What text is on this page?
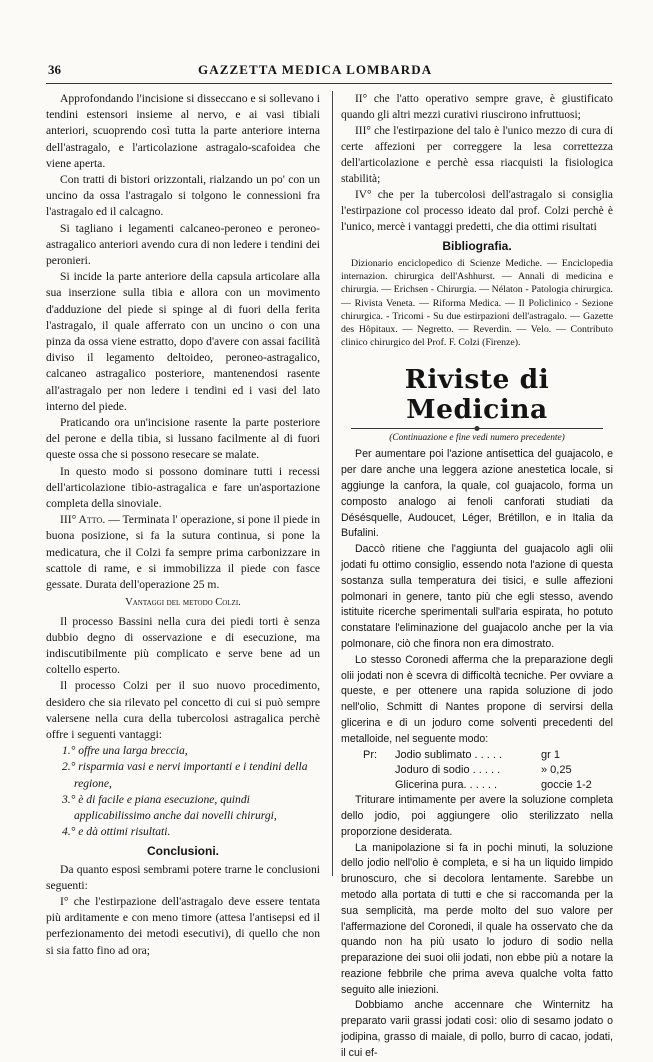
36	GAZZETTA MEDICA LOMBARDA

Approfondando l'incisione si disseccano e si sollevano i tendini estensori insieme al nervo, e ai vasi tibiali anteriori, scuoprendo così tutta la parte anteriore interna dell'astragalo, e l'articolazione astragalo-scafoidea che viene aperta.

Con tratti di bistori orizzontali, rialzando un po' con un uncino da ossa l'astragalo si tolgono le connessioni fra l'astragalo ed il calcagno.

Si tagliano i legamenti calcaneo-peroneo e peroneo-astragalico anteriori avendo cura di non ledere i tendini dei peronieri.

Si incide la parte anteriore della capsula articolare alla sua inserzione sulla tibia e allora con un movimento d'adduzione del piede si spinge al di fuori della ferita l'astragalo, il quale afferrato con un uncino o con una pinza da ossa viene estratto, dopo d'avere con assai facilità diviso il legamento deltoideo, peroneo-astragalico, calcaneo astragalico posteriore, mantenendosi rasente all'astragalo per non ledere i tendini ed i vasi del lato interno del piede.

Praticando ora un'incisione rasente la parte posteriore del perone e della tibia, si lussano facilmente al di fuori queste ossa che si possono resecare se malate.

In questo modo si possono dominare tutti i recessi dell'articolazione tibio-astragalica e fare un'asportazione completa della sinoviale.

III° Atto. — Terminata l' operazione, si pone il piede in buona posizione, si fa la sutura continua, si pone la medicatura, che il Colzi fa sempre prima carbonizzare in scattole di rame, e si immobilizza il piede con fasce gessate. Durata dell'operazione 25 m.

Vantaggi del metodo Colzi.

Il processo Bassini nella cura dei piedi torti è senza dubbio degno di osservazione e di esecuzione, ma indiscutibilmente più complicato e serve bene ad un coltello esperto.

Il processo Colzi per il suo nuovo procedimento, desidero che sia rilevato pel concetto di cui si può sempre valersene nella cura della tubercolosi astragalica perchè offre i seguenti vantaggi:

1.° offre una larga breccia,
2.° risparmia vasi e nervi importanti e i tendini della regione,
3.° è di facile e piana esecuzione, quindi applicabilissimo anche dai novelli chirurgi,
4.° e dà ottimi risultati.

Conclusioni.

Da quanto esposi sembrami potere trarne le conclusioni seguenti:

I° che l'estirpazione dell'astragalo deve essere tentata più arditamente e con meno timore (attesa l'antisepsi ed il perfezionamento dei metodi esecutivi), di quello che non si sia fatto fino ad ora;

II° che l'atto operativo sempre grave, è giustificato quando gli altri mezzi curativi riuscirono infruttuosi;

III° che l'estirpazione del talo è l'unico mezzo di cura di certe affezioni per correggere la lesa correttezza dell'articolazione e perchè essa riacquisti la fisiologica stabilità;

IV° che per la tubercolosi dell'astragalo si consiglia l'estirpazione col processo ideato dal prof. Colzi perchè è l'unico, mercè i vantaggi predetti, che dia ottimi risultati

Bibliografia.

Dizionario enciclopedico di Scienze Mediche. — Enciclopedia internazion. chirurgica dell'Ashhurst. — Annali di medicina e chirurgia. — Erichsen - Chirurgia. — Nélaton - Patologia chirurgica. — Rivista Veneta. — Riforma Medica. — Il Policlinico - Sezione chirurgica. - Tricomi - Su due estirpazioni dell'astragalo. — Gazette des Hôpitaux. — Negretto. — Reverdin. — Velo. — Contributo clinico chirurgico del Prof. F. Colzi (Firenze).

Riviste di Medicina
(Continuazione e fine vedi numero precedente)

Per aumentare poi l'azione antisettica del guajacolo, e per dare anche una leggera azione anestetica locale, si aggiunge la canfora, la quale, col guajacolo, forma un composto analogo ai fenoli canforati studiati da Désésquelle, Audoucet, Léger, Brétillon, e in Italia da Bufalini.

Daccò ritiene che l'aggiunta del guajacolo agli olii jodati fu ottimo consiglio, essendo nota l'azione di questa sostanza sulla temperatura dei tisici, e sulle affezioni polmonari in genere, tanto più che egli stesso, avendo istituite ricerche sperimentali sull'aria espirata, ho potuto constatare l'eliminazione del guajacolo anche per la via polmonare, ciò che finora non era dimostrato.

Lo stesso Coronedi afferma che la preparazione degli olii jodati non è scevra di difficoltà tecniche. Per ovviare a queste, e per ottenere una rapida soluzione di jodo nell'olio, Schmitt di Nantes propone di servirsi della glicerina e di un joduro come solventi precedenti del metalloide, nel seguente modo:

Pr: Jodio sublimato . . . . .	gr 1
Joduro di sodio . . . . .	» 0,25
Glicerina pura. . . . . .	goccie 1-2

Triturare intimamente per avere la soluzione completa dello jodio, poi aggiungere olio sterilizzato nella proporzione desiderata.

La manipolazione si fa in pochi minuti, la soluzione dello jodio nell'olio è completa, e si ha un liquido limpido brunoscuro, che si decolora lentamente. Sarebbe un metodo alla portata di tutti e che si raccomanda per la sua semplicità, ma perde molto del suo valore per l'affermazione del Coronedi, il quale ha osservato che da quando non ha più usato lo joduro di sodio nella preparazione dei suoi olii jodati, non ebbe più a notare la reazione febbrile che prima aveva qualche volta fatto seguito alle iniezioni.

Dobbiamo anche accennare che Winternitz ha preparato varii grassi jodati così: olio di sesamo jodato o jodipina, grasso di maiale, di pollo, burro di cacao, jodati, il cui ef-
